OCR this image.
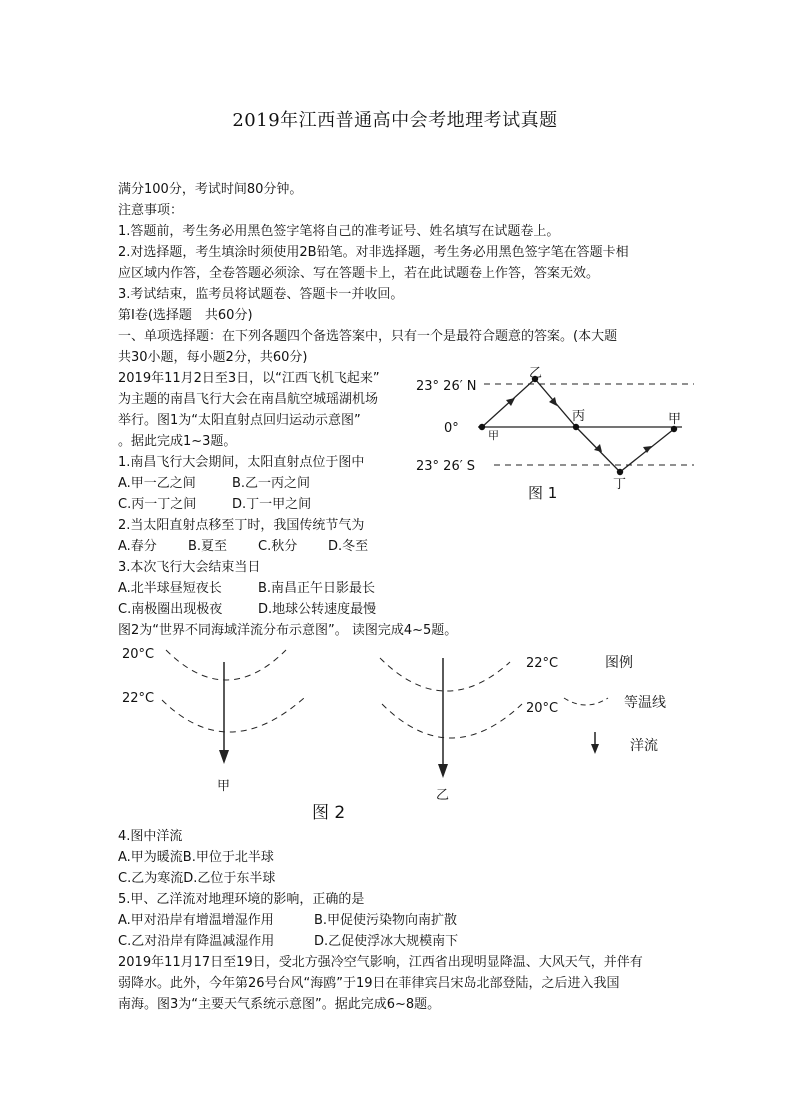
2019年江西普通高中会考地理考试真题
满分100分，考试时间80分钟。
注意事项：
1.答题前，考生务必用黑色签字笔将自己的准考证号、姓名填写在试题卷上。
2.对选择题，考生填涂时须使用2B铅笔。对非选择题，考生务必用黑色签字笔在答题卡相
应区域内作答，全卷答题必须涂、写在答题卡上，若在此试题卷上作答，答案无效。
3.考试结束，监考员将试题卷、答题卡一并收回。
第Ⅰ卷(选择题　共60分)
一、单项选择题：在下列各题四个备选答案中，只有一个是最符合题意的答案。(本大题
共30小题，每小题2分，共60分)
2019年11月2日至3日，以“江西飞机飞起来”
为主题的南昌飞行大会在南昌航空城瑶湖机场
举行。图1为“太阳直射点回归运动示意图”
。据此完成1~3题。
1.南昌飞行大会期间，太阳直射点位于图中
A.甲一乙之间	B.乙一丙之间
C.丙一丁之间	D.丁一甲之间
2.当太阳直射点移至丁时，我国传统节气为
A.春分 B.夏至 C.秋分 D.冬至
3.本次飞行大会结束当日
A.北半球昼短夜长	B.南昌正午日影最长
C.南极圈出现极夜	D.地球公转速度最慢
图2为“世界不同海域洋流分布示意图”。 读图完成4~5题。
4.图中洋流
A.甲为暖流B.甲位于北半球
C.乙为寒流D.乙位于东半球
5.甲、乙洋流对地理环境的影响，正确的是
A.甲对沿岸有增温增湿作用	B.甲促使污染物向南扩散
C.乙对沿岸有降温减湿作用	D.乙促使浮冰大规模南下
2019年11月17日至19日，受北方强冷空气影响，江西省出现明显降温、大风天气，并伴有
弱降水。此外，今年第26号台风“海鸥”于19日在菲律宾吕宋岛北部登陆，之后进入我国
南海。图3为“主要天气系统示意图”。据此完成6~8题。
23° 26′ N
0°
23° 26′ S
甲
乙
丙
丁
甲
图 1
20°C
22°C
22°C
20°C
甲
乙
图例
等温线
洋流
图 2
